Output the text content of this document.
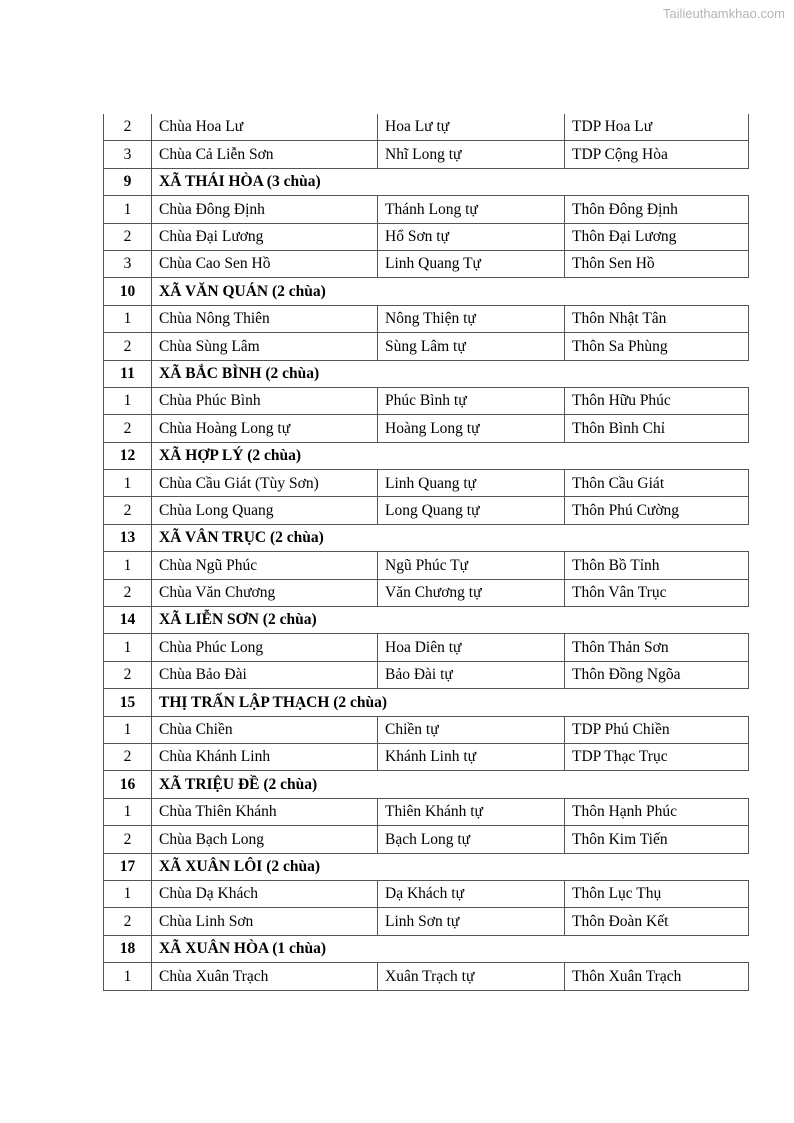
Tailieuthamkhao.com
2	Chùa Hoa Lư	Hoa Lư tự	TDP Hoa Lư
3	Chùa Cả Liễn Sơn	Nhĩ Long tự	TDP Cộng Hòa
9	XÃ THÁI HÒA (3 chùa)		
1	Chùa Đông Định	Thánh Long tự	Thôn Đông Định
2	Chùa Đại Lương	Hổ Sơn tự	Thôn Đại Lương
3	Chùa Cao Sen Hồ	Linh Quang Tự	Thôn Sen Hồ
10	XÃ VĂN QUÁN (2 chùa)		
1	Chùa Nông Thiên	Nông Thiện tự	Thôn Nhật Tân
2	Chùa Sùng Lâm	Sùng Lâm tự	Thôn Sa Phùng
11	XÃ BẮC BÌNH (2 chùa)		
1	Chùa Phúc Bình	Phúc Bình tự	Thôn Hữu Phúc
2	Chùa Hoàng Long tự	Hoàng Long tự	Thôn Bình Chỉ
12	XÃ HỢP LÝ (2 chùa)		
1	Chùa Cầu Giát (Tùy Sơn)	Linh Quang tự	Thôn Cầu Giát
2	Chùa Long Quang	Long Quang tự	Thôn Phú Cường
13	XÃ VÂN TRỤC (2 chùa)		
1	Chùa Ngũ Phúc	Ngũ Phúc Tự	Thôn Bồ Tỉnh
2	Chùa Văn Chương	Văn Chương tự	Thôn Vân Trục
14	XÃ LIỄN SƠN (2 chùa)		
1	Chùa Phúc Long	Hoa Diên tự	Thôn Thản Sơn
2	Chùa Bảo Đài	Bảo Đài tự	Thôn Đồng Ngõa
15	THỊ TRẤN LẬP THẠCH (2 chùa)		
1	Chùa Chiền	Chiền tự	TDP Phú Chiền
2	Chùa Khánh Linh	Khánh Linh tự	TDP Thạc Trục
16	XÃ TRIỆU ĐỀ (2 chùa)		
1	Chùa Thiên Khánh	Thiên Khánh tự	Thôn Hạnh Phúc
2	Chùa Bạch Long	Bạch Long tự	Thôn Kim Tiến
17	XÃ XUÂN LÔI (2 chùa)		
1	Chùa Dạ Khách	Dạ Khách tự	Thôn Lục Thụ
2	Chùa Linh Sơn	Linh Sơn tự	Thôn Đoàn Kết
18	XÃ XUÂN HÒA (1 chùa)		
1	Chùa Xuân Trạch	Xuân Trạch tự	Thôn Xuân Trạch
